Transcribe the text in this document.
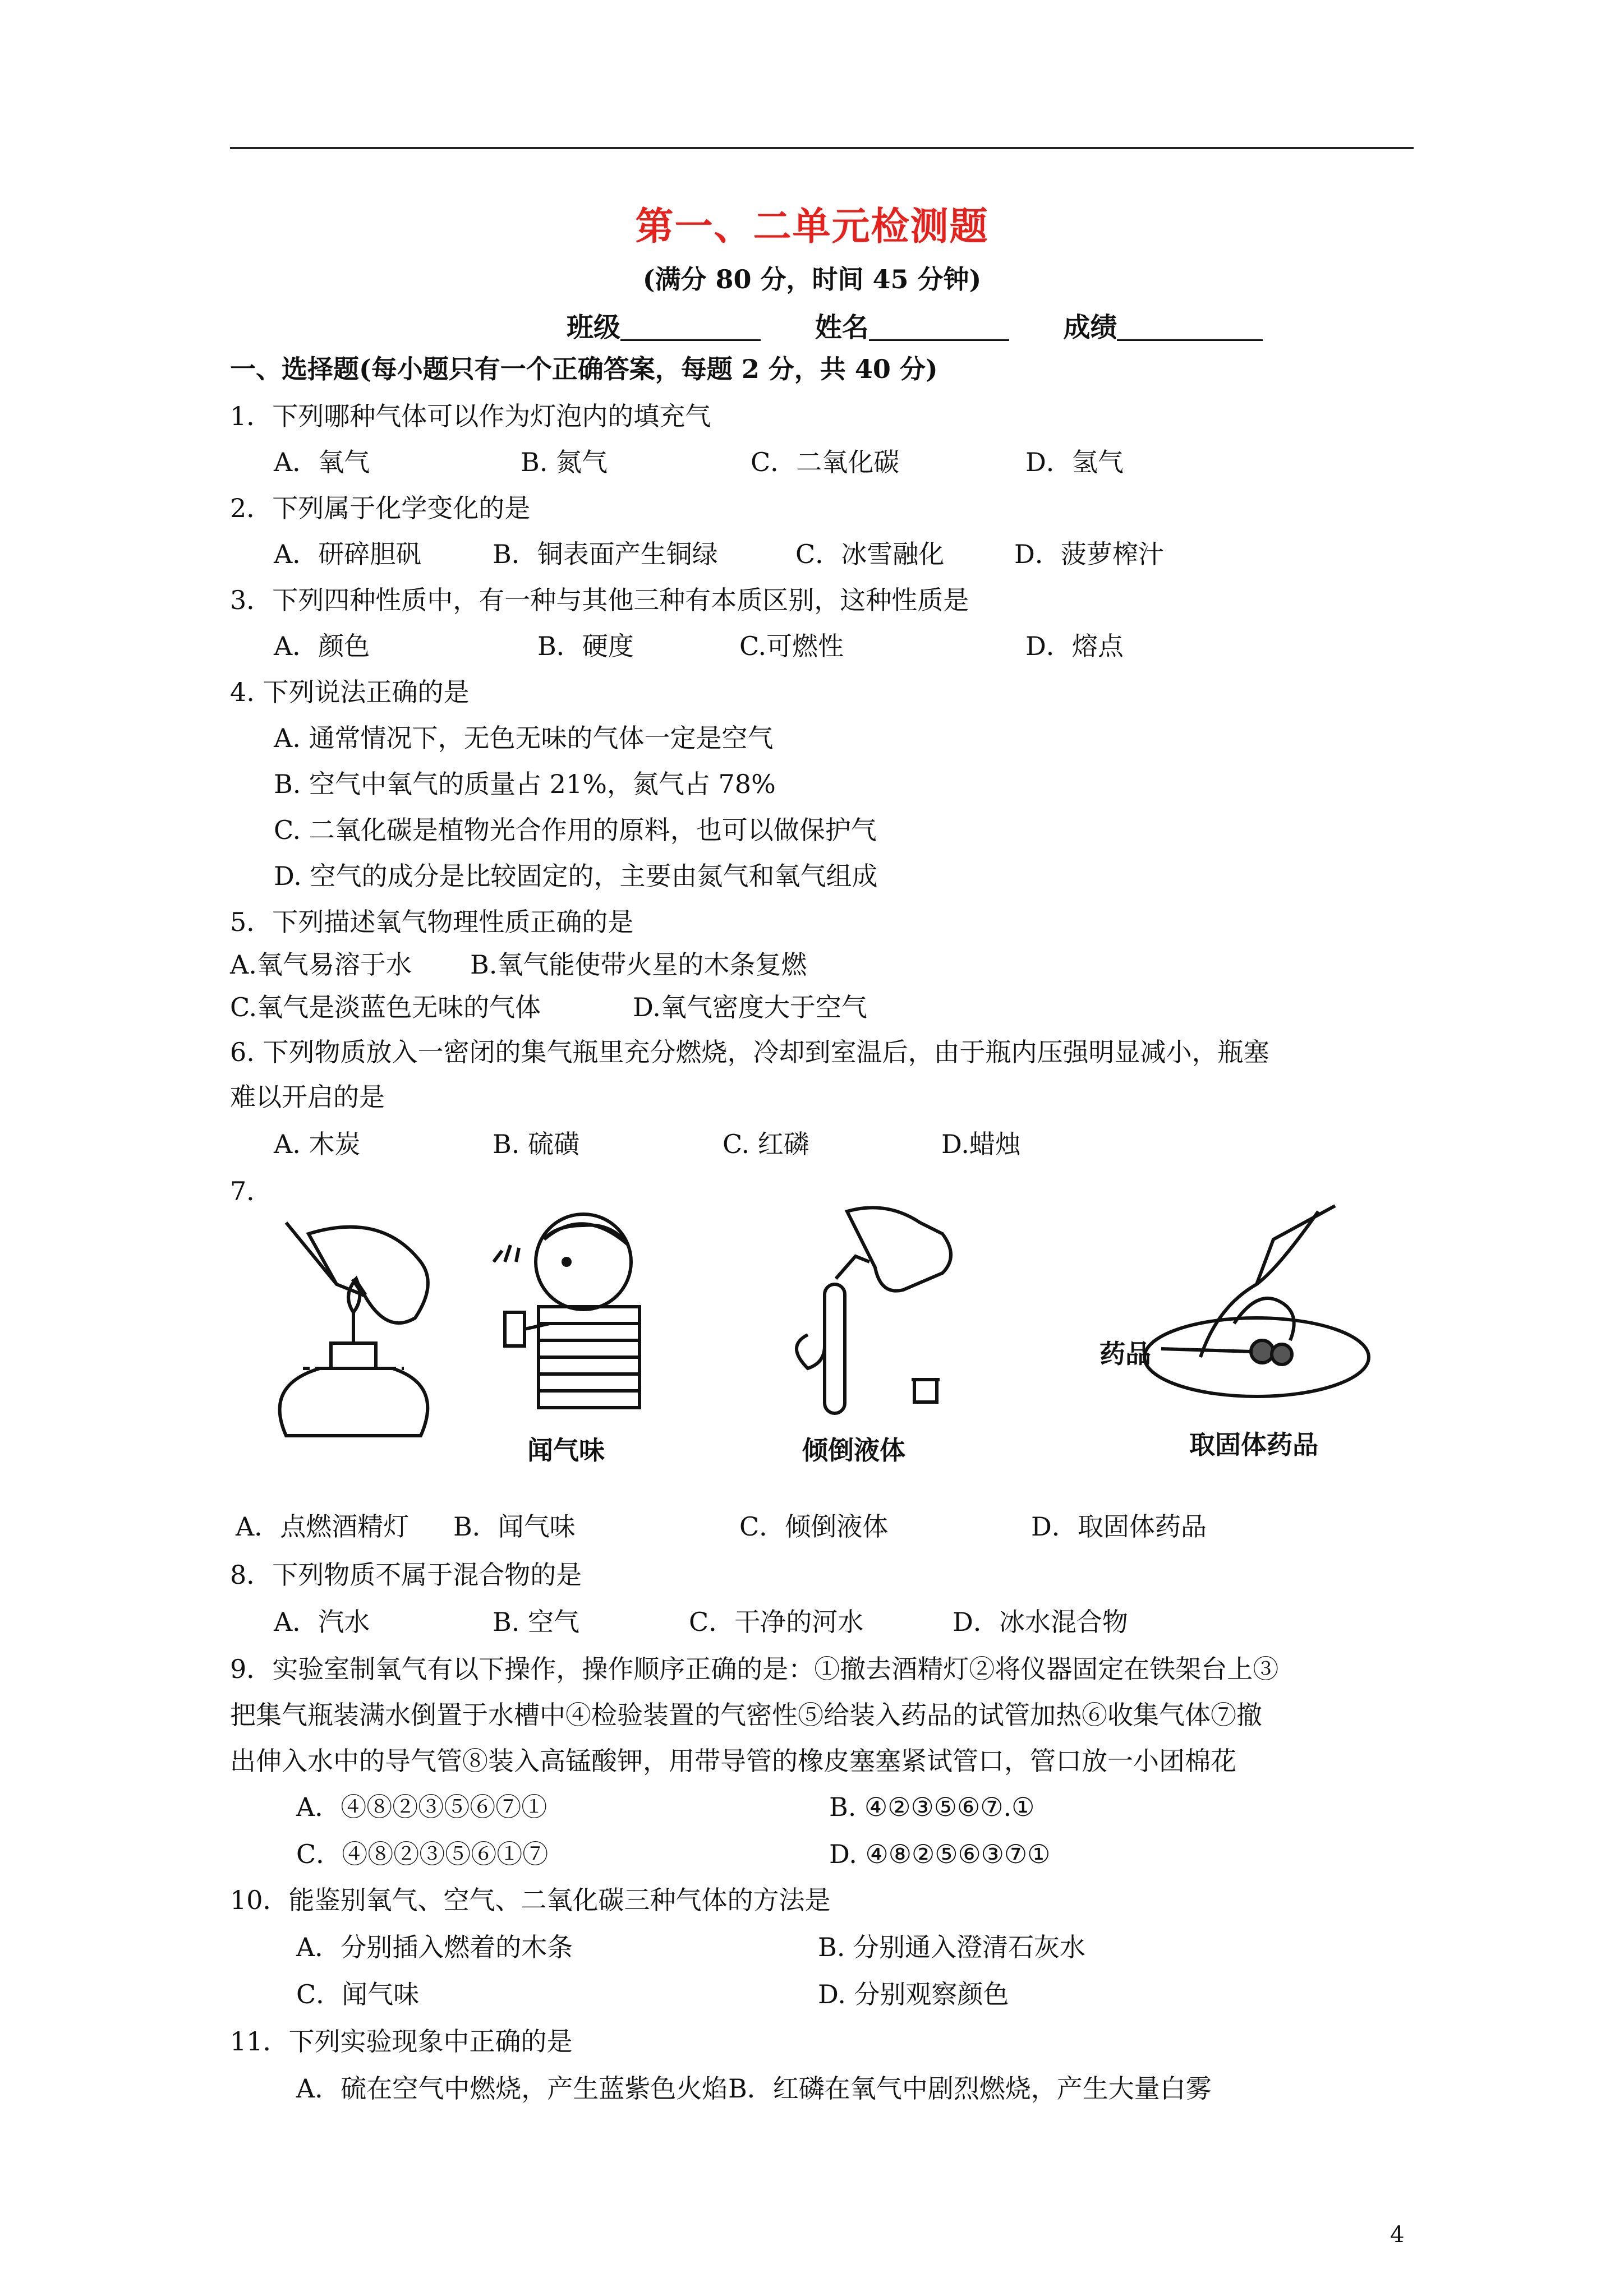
第一、二单元检测题
(满分 80 分，时间 45 分钟)
班级	姓名	成绩
一、选择题(每小题只有一个正确答案，每题 2 分，共 40 分)
1．下列哪种气体可以作为灯泡内的填充气
A．氧气	B. 氮气	C．二氧化碳	D．氢气
2．下列属于化学变化的是
A．研碎胆矾	B．铜表面产生铜绿	C．冰雪融化	D．菠萝榨汁
3．下列四种性质中，有一种与其他三种有本质区别，这种性质是
A．颜色	B．硬度	C.可燃性	D．熔点
4. 下列说法正确的是
A. 通常情况下，无色无味的气体一定是空气
B. 空气中氧气的质量占 21%，氮气占 78%
C. 二氧化碳是植物光合作用的原料，也可以做保护气
D. 空气的成分是比较固定的，主要由氮气和氧气组成
5．下列描述氧气物理性质正确的是
A.氧气易溶于水 B.氧气能使带火星的木条复燃
C.氧气是淡蓝色无味的气体	D.氧气密度大于空气
6. 下列物质放入一密闭的集气瓶里充分燃烧，冷却到室温后，由于瓶内压强明显减小，瓶塞
难以开启的是
A. 木炭	B. 硫磺	C. 红磷	D.蜡烛
7．
闻气味	倾倒液体
药品
取固体药品
A．点燃酒精灯 B．闻气味	C．倾倒液体	D．取固体药品
8．下列物质不属于混合物的是
A．汽水	B. 空气	C．干净的河水	D．冰水混合物
9．实验室制氧气有以下操作，操作顺序正确的是：①撤去酒精灯②将仪器固定在铁架台上③
把集气瓶装满水倒置于水槽中④检验装置的气密性⑤给装入药品的试管加热⑥收集气体⑦撤
出伸入水中的导气管⑧装入高锰酸钾，用带导管的橡皮塞塞紧试管口，管口放一小团棉花
A．④⑧②③⑤⑥⑦①	B. ④②③⑤⑥⑦.①
C．④⑧②③⑤⑥①⑦	D. ④⑧②⑤⑥③⑦①
10．能鉴别氧气、空气、二氧化碳三种气体的方法是
A．分别插入燃着的木条	B. 分别通入澄清石灰水
C．闻气味	D. 分别观察颜色
11．下列实验现象中正确的是
A．硫在空气中燃烧，产生蓝紫色火焰 B．红磷在氧气中剧烈燃烧，产生大量白雾
4
